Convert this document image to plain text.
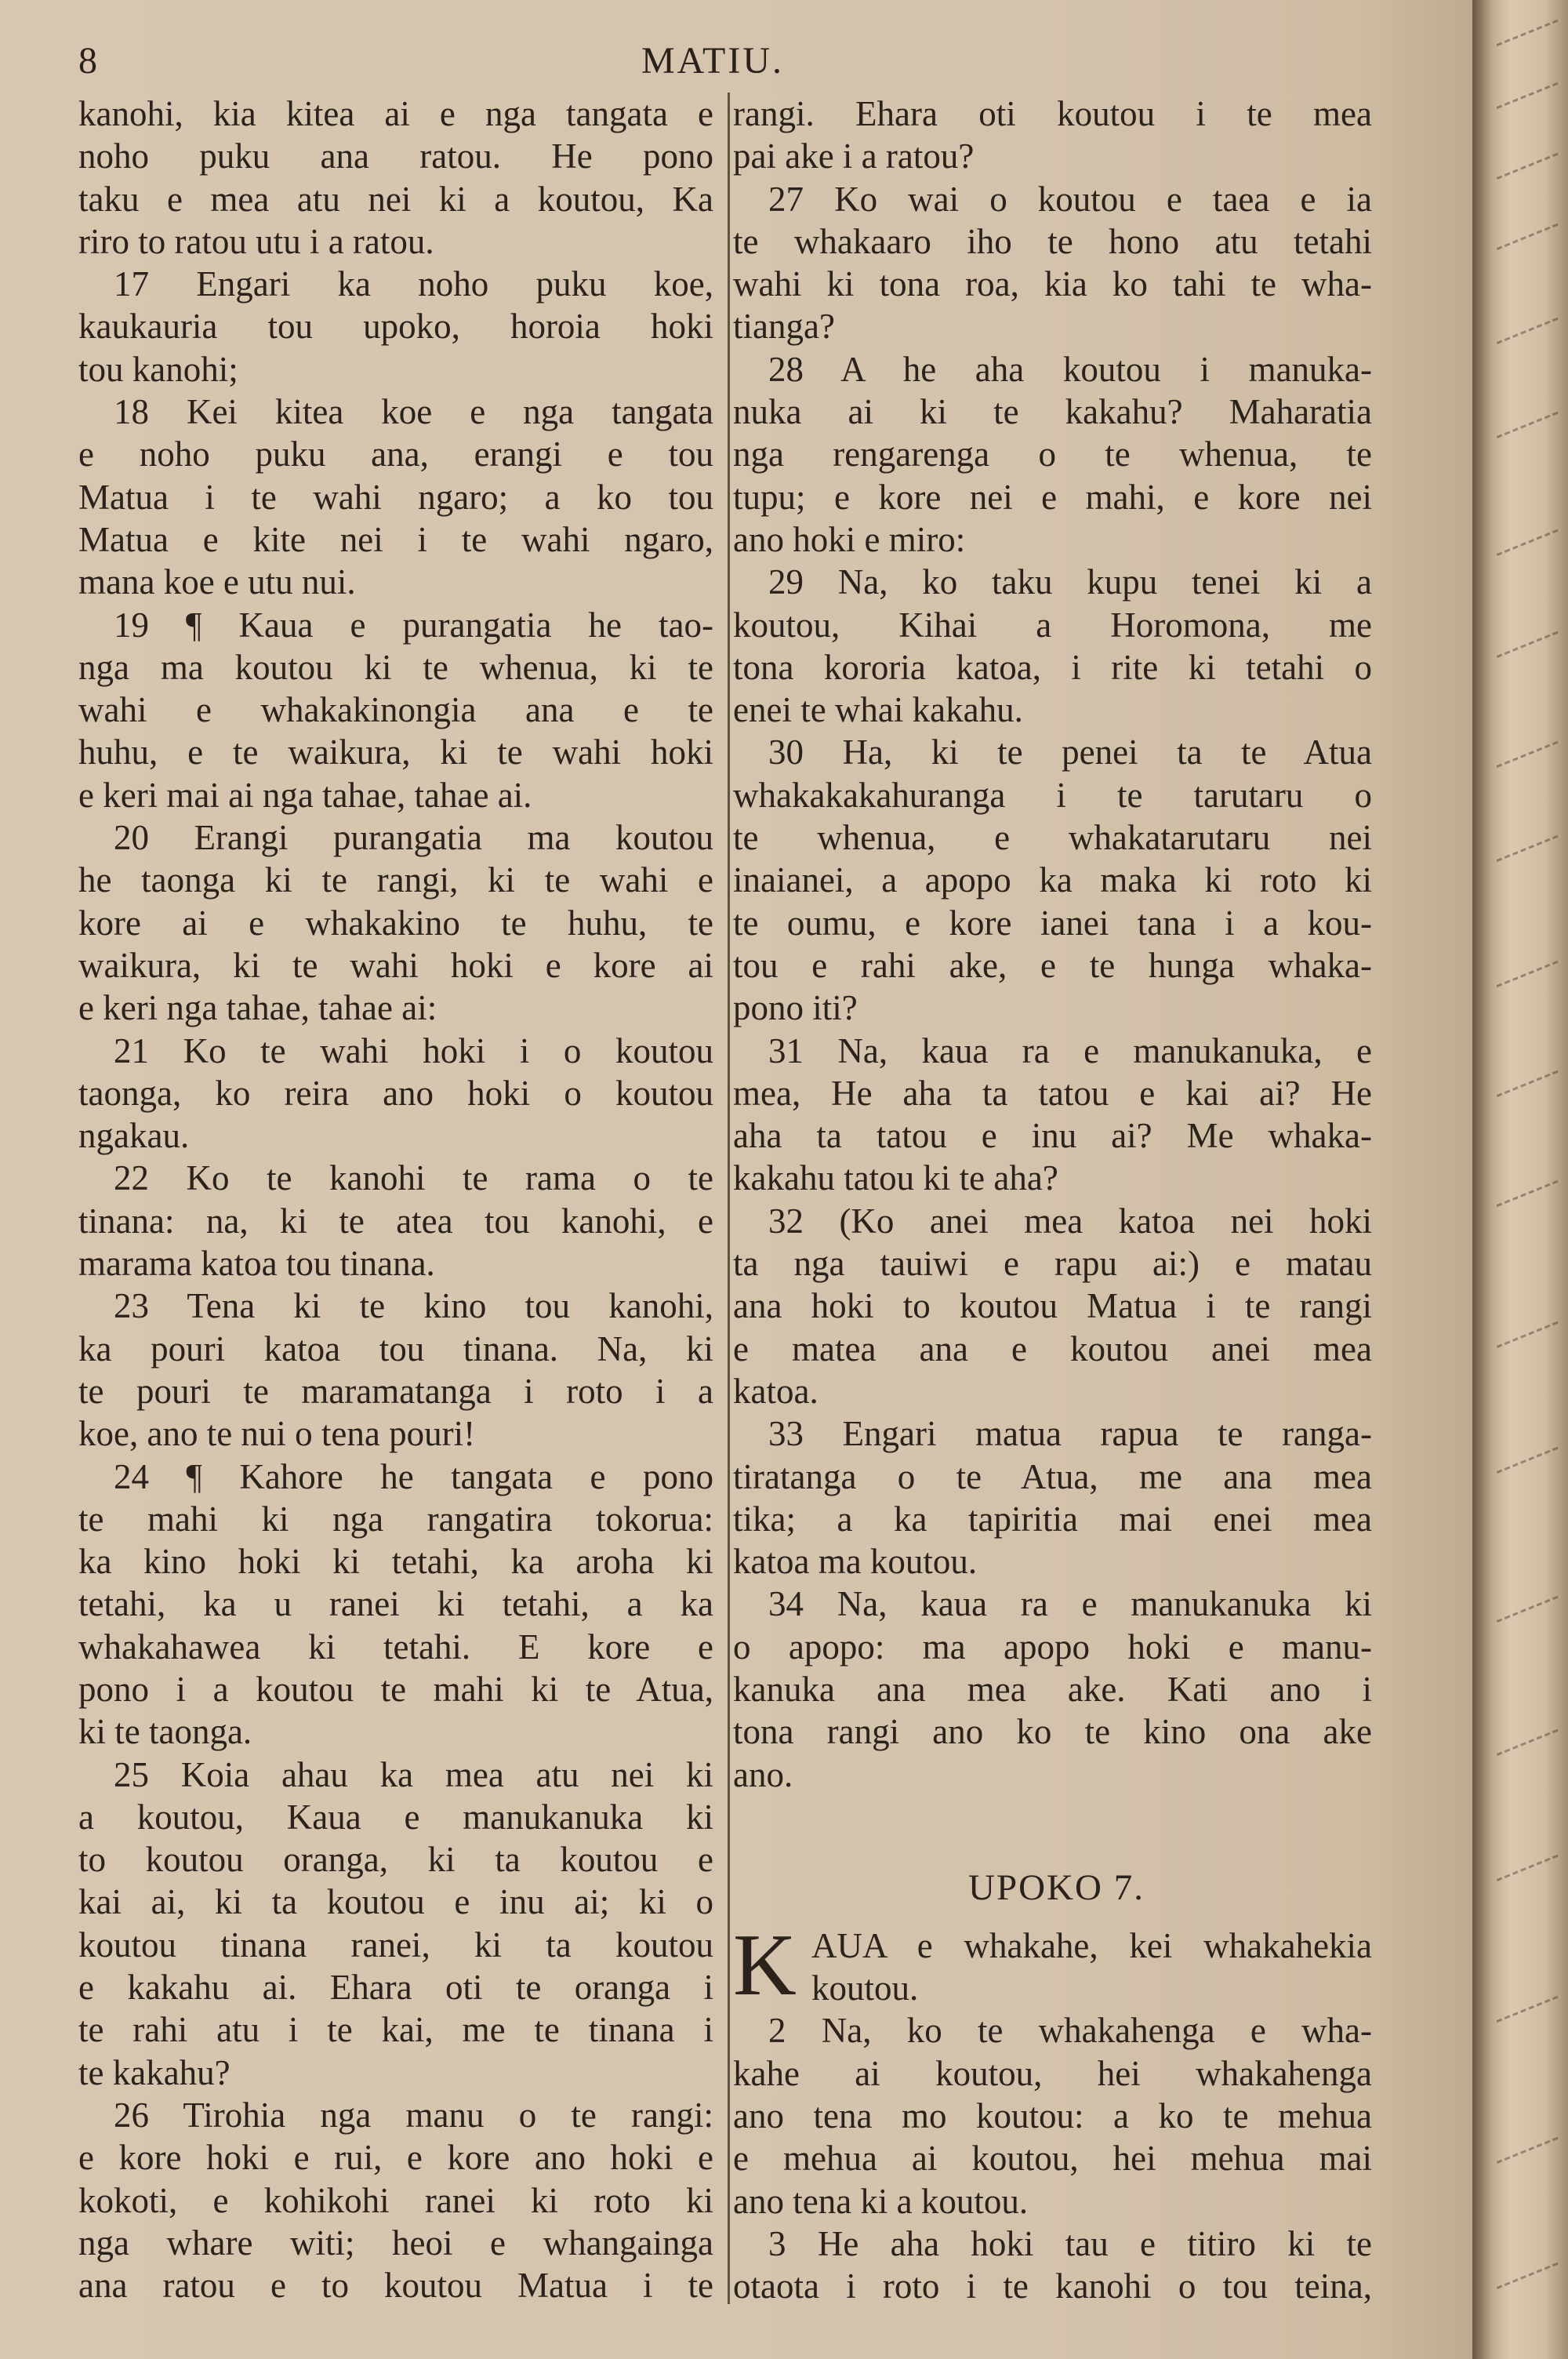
8	MATIU.
kanohi, kia kitea ai e nga tangata e
noho puku ana ratou. He pono
taku e mea atu nei ki a koutou, Ka
riro to ratou utu i a ratou.
17 Engari ka noho puku koe,
kaukauria tou upoko, horoia hoki
tou kanohi;
18 Kei kitea koe e nga tangata
e noho puku ana, erangi e tou
Matua i te wahi ngaro; a ko tou
Matua e kite nei i te wahi ngaro,
mana koe e utu nui.
19 ¶ Kaua e purangatia he tao-
nga ma koutou ki te whenua, ki te
wahi e whakakinongia ana e te
huhu, e te waikura, ki te wahi hoki
e keri mai ai nga tahae, tahae ai.
20 Erangi purangatia ma koutou
he taonga ki te rangi, ki te wahi e
kore ai e whakakino te huhu, te
waikura, ki te wahi hoki e kore ai
e keri nga tahae, tahae ai:
21 Ko te wahi hoki i o koutou
taonga, ko reira ano hoki o koutou
ngakau.
22 Ko te kanohi te rama o te
tinana: na, ki te atea tou kanohi, e
marama katoa tou tinana.
23 Tena ki te kino tou kanohi,
ka pouri katoa tou tinana. Na, ki
te pouri te maramatanga i roto i a
koe, ano te nui o tena pouri!
24 ¶ Kahore he tangata e pono
te mahi ki nga rangatira tokorua:
ka kino hoki ki tetahi, ka aroha ki
tetahi, ka u ranei ki tetahi, a ka
whakahawea ki tetahi. E kore e
pono i a koutou te mahi ki te Atua,
ki te taonga.
25 Koia ahau ka mea atu nei ki
a koutou, Kaua e manukanuka ki
to koutou oranga, ki ta koutou e
kai ai, ki ta koutou e inu ai; ki o
koutou tinana ranei, ki ta koutou
e kakahu ai. Ehara oti te oranga i
te rahi atu i te kai, me te tinana i
te kakahu?
26 Tirohia nga manu o te rangi:
e kore hoki e rui, e kore ano hoki e
kokoti, e kohikohi ranei ki roto ki
nga whare witi; heoi e whangainga
ana ratou e to koutou Matua i te
rangi. Ehara oti koutou i te mea
pai ake i a ratou?
27 Ko wai o koutou e taea e ia
te whakaaro iho te hono atu tetahi
wahi ki tona roa, kia ko tahi te wha-
tianga?
28 A he aha koutou i manuka-
nuka ai ki te kakahu? Maharatia
nga rengarenga o te whenua, te
tupu; e kore nei e mahi, e kore nei
ano hoki e miro:
29 Na, ko taku kupu tenei ki a
koutou, Kihai a Horomona, me
tona kororia katoa, i rite ki tetahi o
enei te whai kakahu.
30 Ha, ki te penei ta te Atua
whakakakahuranga i te tarutaru o
te whenua, e whakatarutaru nei
inaianei, a apopo ka maka ki roto ki
te oumu, e kore ianei tana i a kou-
tou e rahi ake, e te hunga whaka-
pono iti?
31 Na, kaua ra e manukanuka, e
mea, He aha ta tatou e kai ai? He
aha ta tatou e inu ai? Me whaka-
kakahu tatou ki te aha?
32 (Ko anei mea katoa nei hoki
ta nga tauiwi e rapu ai:) e matau
ana hoki to koutou Matua i te rangi
e matea ana e koutou anei mea
katoa.
33 Engari matua rapua te ranga-
tiratanga o te Atua, me ana mea
tika; a ka tapiritia mai enei mea
katoa ma koutou.
34 Na, kaua ra e manukanuka ki
o apopo: ma apopo hoki e manu-
kanuka ana mea ake. Kati ano i
tona rangi ano ko te kino ona ake
ano.
UPOKO 7.
K AUA e whakahe, kei whakahekia
koutou.
2 Na, ko te whakahenga e wha-
kahe ai koutou, hei whakahenga
ano tena mo koutou: a ko te mehua
e mehua ai koutou, hei mehua mai
ano tena ki a koutou.
3 He aha hoki tau e titiro ki te
otaota i roto i te kanohi o tou teina,
